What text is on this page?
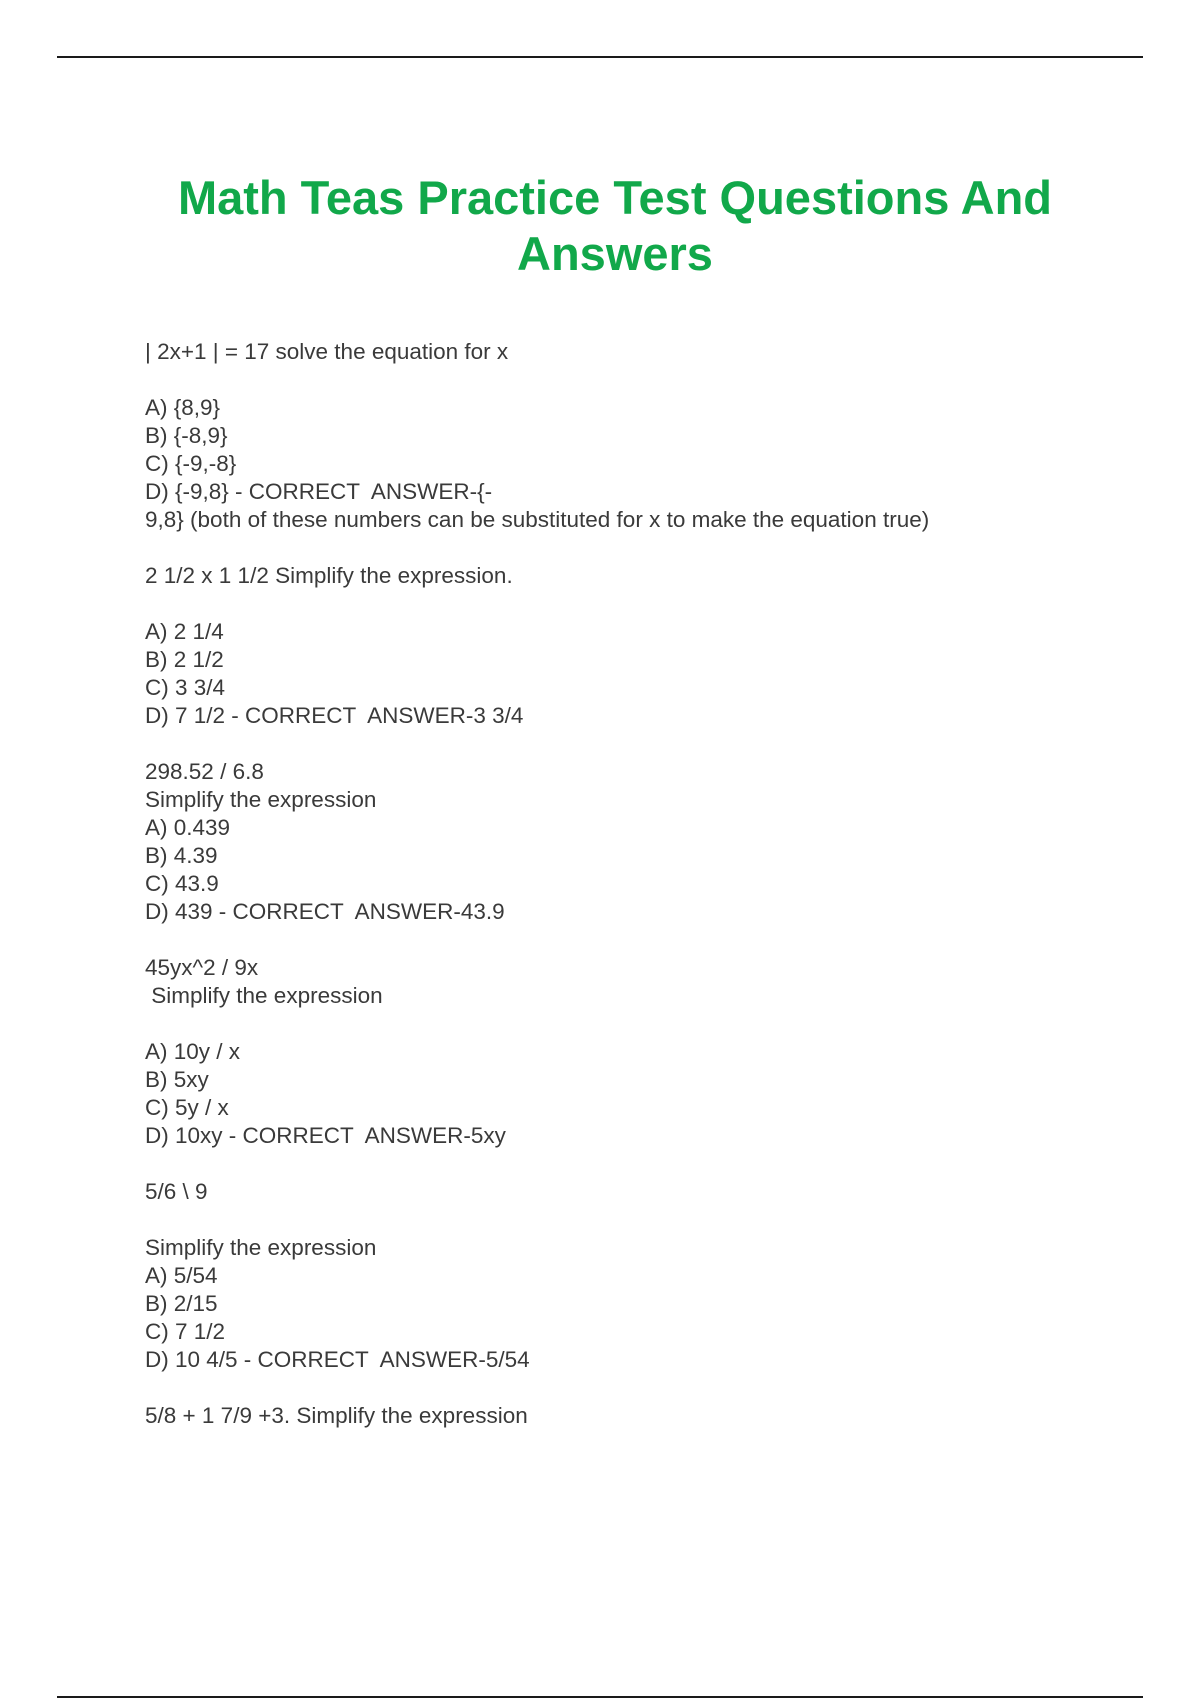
Math Teas Practice Test Questions And Answers

| 2x+1 | = 17 solve the equation for x

A) {8,9}

B) {-8,9}

C) {-9,-8}

D) {-9,8} - CORRECT  ANSWER-{-

9,8} (both of these numbers can be substituted for x to make the equation true)

2 1/2 x 1 1/2 Simplify the expression.

A) 2 1/4

B) 2 1/2

C) 3 3/4

D) 7 1/2 - CORRECT  ANSWER-3 3/4

298.52 / 6.8

Simplify the expression

A) 0.439

B) 4.39

C) 43.9

D) 439 - CORRECT  ANSWER-43.9

45yx^2 / 9x

Simplify the expression

A) 10y / x

B) 5xy

C) 5y / x

D) 10xy - CORRECT  ANSWER-5xy

5/6 \ 9

Simplify the expression

A) 5/54

B) 2/15

C) 7 1/2

D) 10 4/5 - CORRECT  ANSWER-5/54

5/8 + 1 7/9 +3. Simplify the expression
